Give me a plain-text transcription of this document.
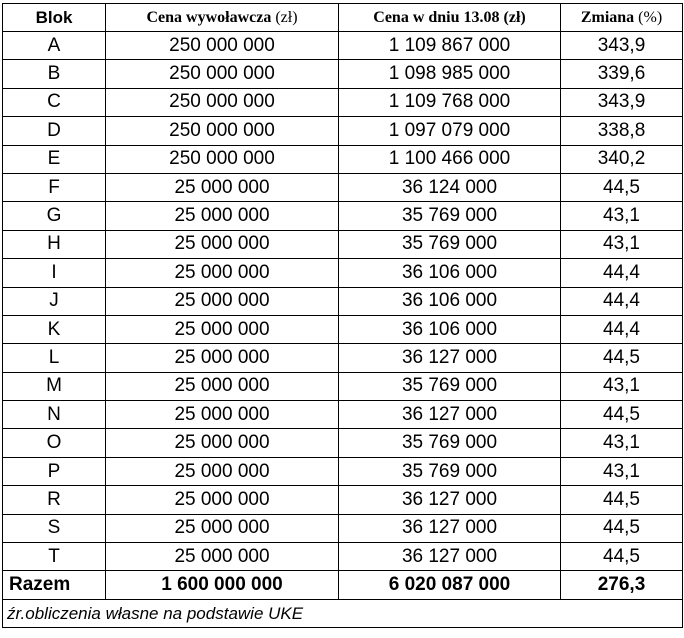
Blok	Cena wywoławcza (zł)	Cena w dniu 13.08 (zł)	Zmiana (%)
A	250 000 000	1 109 867 000	343,9
B	250 000 000	1 098 985 000	339,6
C	250 000 000	1 109 768 000	343,9
D	250 000 000	1 097 079 000	338,8
E	250 000 000	1 100 466 000	340,2
F	25 000 000	36 124 000	44,5
G	25 000 000	35 769 000	43,1
H	25 000 000	35 769 000	43,1
I	25 000 000	36 106 000	44,4
J	25 000 000	36 106 000	44,4
K	25 000 000	36 106 000	44,4
L	25 000 000	36 127 000	44,5
M	25 000 000	35 769 000	43,1
N	25 000 000	36 127 000	44,5
O	25 000 000	35 769 000	43,1
P	25 000 000	35 769 000	43,1
R	25 000 000	36 127 000	44,5
S	25 000 000	36 127 000	44,5
T	25 000 000	36 127 000	44,5
Razem	1 600 000 000	6 020 087 000	276,3
źr.obliczenia własne na podstawie UKE			
